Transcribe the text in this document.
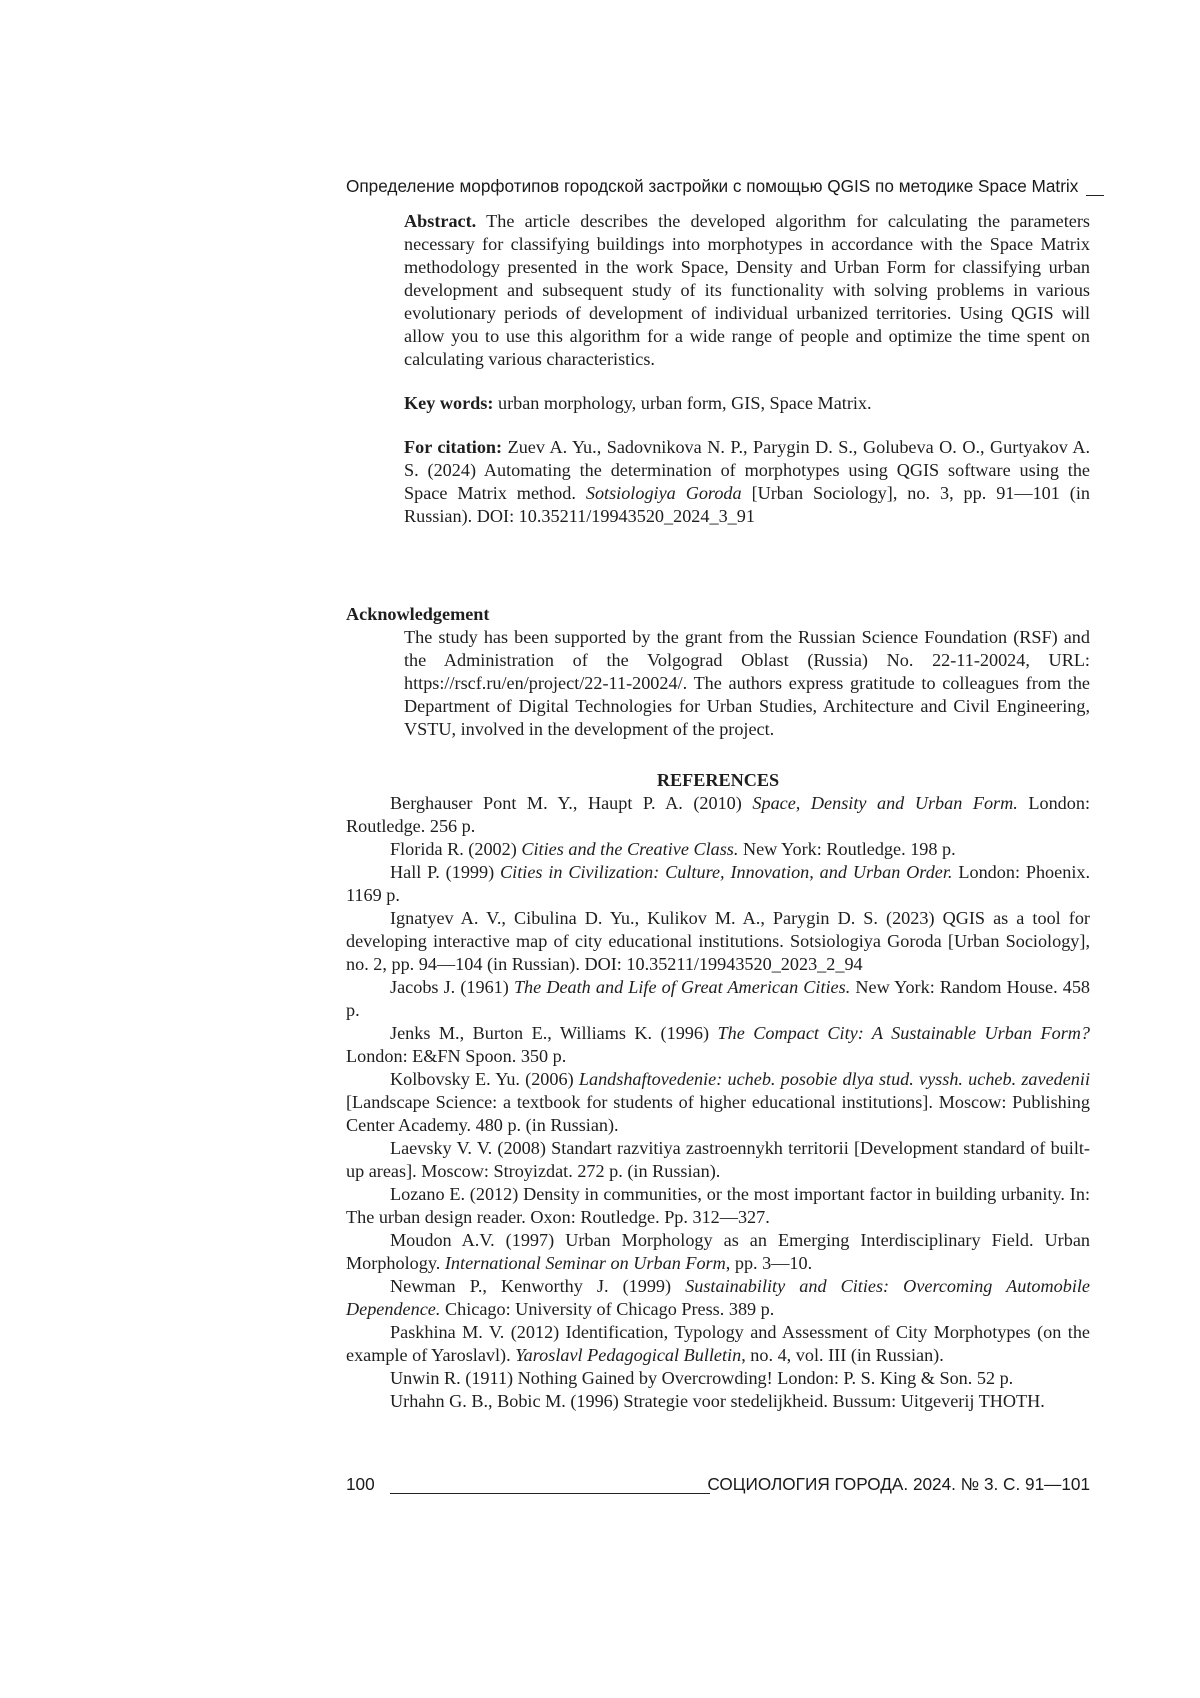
Определение морфотипов городской застройки с помощью QGIS по методике Space Matrix

Abstract. The article describes the developed algorithm for calculating the parameters necessary for classifying buildings into morphotypes in accordance with the Space Matrix methodology presented in the work Space, Density and Urban Form for classifying urban development and subsequent study of its functionality with solving problems in various evolutionary periods of development of individual urbanized territories. Using QGIS will allow you to use this algorithm for a wide range of people and optimize the time spent on calculating various characteristics.

Key words: urban morphology, urban form, GIS, Space Matrix.

For citation: Zuev A. Yu., Sadovnikova N. P., Parygin D. S., Golubeva O. O., Gurtyakov A. S. (2024) Automating the determination of morphotypes using QGIS software using the Space Matrix method. Sotsiologiya Goroda [Urban Sociology], no. 3, pp. 91—101 (in Russian). DOI: 10.35211/19943520_2024_3_91

Acknowledgement

The study has been supported by the grant from the Russian Science Foundation (RSF) and the Administration of the Volgograd Oblast (Russia) No. 22-11-20024, URL: https://rscf.ru/en/project/22-11-20024/. The authors express gratitude to colleagues from the Department of Digital Technologies for Urban Studies, Architecture and Civil Engineering, VSTU, involved in the development of the project.

REFERENCES
Berghauser Pont M. Y., Haupt P. A. (2010) Space, Density and Urban Form. London: Routledge. 256 p.
Florida R. (2002) Cities and the Creative Class. New York: Routledge. 198 p.
Hall P. (1999) Cities in Civilization: Culture, Innovation, and Urban Order. London: Phoenix. 1169 p.
Ignatyev A. V., Cibulina D. Yu., Kulikov M. A., Parygin D. S. (2023) QGIS as a tool for developing interactive map of city educational institutions. Sotsiologiya Goroda [Urban Sociology], no. 2, pp. 94—104 (in Russian). DOI: 10.35211/19943520_2023_2_94
Jacobs J. (1961) The Death and Life of Great American Cities. New York: Random House. 458 p.
Jenks M., Burton E., Williams K. (1996) The Compact City: A Sustainable Urban Form? London: E&FN Spoon. 350 p.
Kolbovsky E. Yu. (2006) Landshaftovedenie: ucheb. posobie dlya stud. vyssh. ucheb. zavedenii [Landscape Science: a textbook for students of higher educational institutions]. Moscow: Publishing Center Academy. 480 p. (in Russian).
Laevsky V. V. (2008) Standart razvitiya zastroennykh territorii [Development standard of built-up areas]. Moscow: Stroyizdat. 272 p. (in Russian).
Lozano E. (2012) Density in communities, or the most important factor in building urbanity. In: The urban design reader. Oxon: Routledge. Pp. 312—327.
Moudon A.V. (1997) Urban Morphology as an Emerging Interdisciplinary Field. Urban Morphology. International Seminar on Urban Form, pp. 3—10.
Newman P., Kenworthy J. (1999) Sustainability and Cities: Overcoming Automobile Dependence. Chicago: University of Chicago Press. 389 p.
Paskhina M. V. (2012) Identification, Typology and Assessment of City Morphotypes (on the example of Yaroslavl). Yaroslavl Pedagogical Bulletin, no. 4, vol. III (in Russian).
Unwin R. (1911) Nothing Gained by Overcrowding! London: P. S. King & Son. 52 p.
Urhahn G. B., Bobic M. (1996) Strategie voor stedelijkheid. Bussum: Uitgeverij THOTH.
100	СОЦИОЛОГИЯ ГОРОДА. 2024. № 3. С. 91—101
